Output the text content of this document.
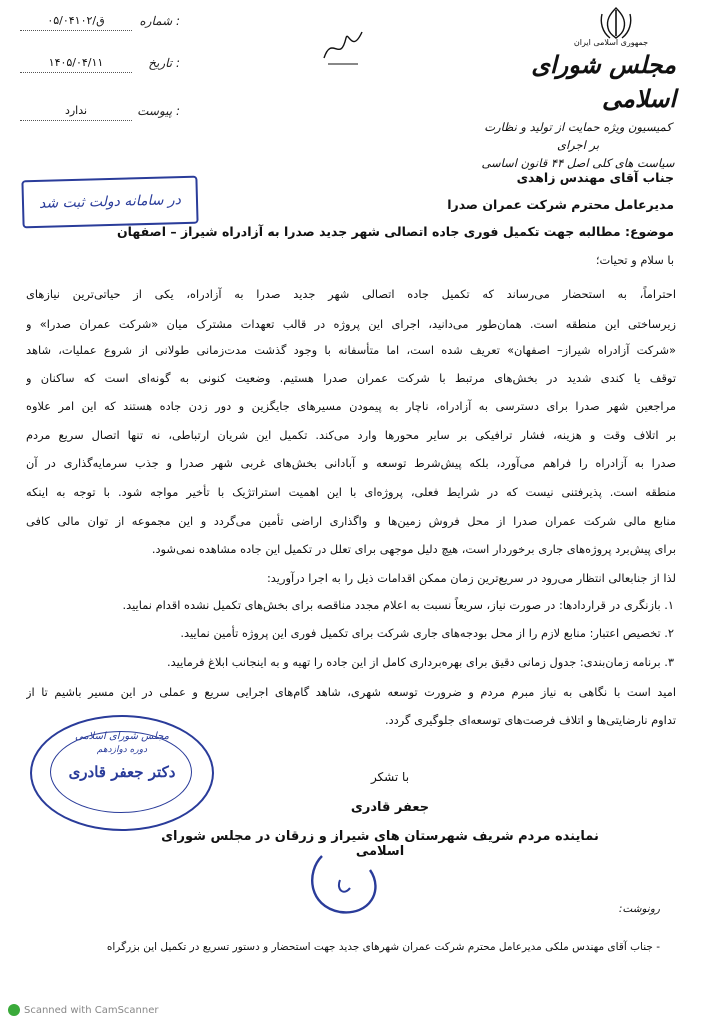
۰۵/ق/۰۴۱۰۲	شماره :
۱۴۰۵/۰۴/۱۱	تاریخ :
ندارد	پیوست :
جمهوری اسلامی ایران
مجلس شورای اسلامی
کمیسیون ویژه حمایت از تولید و نظارت بر اجرای
سیاست های کلی اصل ۴۴ قانون اساسی
در سامانه دولت ثبت شد
جناب آقای مهندس زاهدی
مدیرعامل محترم شرکت عمران صدرا
موضوع: مطالبه جهت تکمیل فوری جاده اتصالی شهر جدید صدرا به آزادراه شیراز – اصفهان
با سلام و تحیات؛
احتراماً، به استحضار می‌رساند که تکمیل جاده اتصالی شهر جدید صدرا به آزادراه، یکی از حیاتی‌ترین نیازهای
زیرساختی این منطقه است. همان‌طور می‌دانید، اجرای این پروژه در قالب تعهدات مشترک میان «شرکت عمران صدرا» و
«شرکت آزادراه شیراز– اصفهان» تعریف شده است، اما متأسفانه با وجود گذشت مدت‌زمانی طولانی از شروع عملیات، شاهد
توقف یا کندی شدید در بخش‌های مرتبط با شرکت عمران صدرا هستیم. وضعیت کنونی به گونه‌ای است که ساکنان و
مراجعین شهر صدرا برای دسترسی به آزادراه، ناچار به پیمودن مسیرهای جایگزین و دور زدن جاده هستند که این امر علاوه
بر اتلاف وقت و هزینه، فشار ترافیکی بر سایر محورها وارد می‌کند. تکمیل این شریان ارتباطی، نه تنها اتصال سریع مردم
صدرا به آزادراه را فراهم می‌آورد، بلکه پیش‌شرط توسعه و آبادانی بخش‌های غربی شهر صدرا و جذب سرمایه‌گذاری در آن
منطقه است. پذیرفتنی نیست که در شرایط فعلی، پروژه‌ای با این اهمیت استراتژیک با تأخیر مواجه شود. با توجه به اینکه
منابع مالی شرکت عمران صدرا از محل فروش زمین‌ها و واگذاری اراضی تأمین می‌گردد و این مجموعه از توان مالی کافی
برای پیش‌برد پروژه‌های جاری برخوردار است، هیچ دلیل موجهی برای تعلل در تکمیل این جاده مشاهده نمی‌شود.
لذا از جنابعالی انتظار می‌رود در سریع‌ترین زمان ممکن اقدامات ذیل را به اجرا درآورید:
۱. بازنگری در قراردادها: در صورت نیاز، سریعاً نسبت به اعلام مجدد مناقصه برای بخش‌های تکمیل نشده اقدام نمایید.
۲. تخصیص اعتبار: منابع لازم را از محل بودجه‌های جاری شرکت برای تکمیل فوری این پروژه تأمین نمایید.
۳. برنامه زمان‌بندی: جدول زمانی دقیق برای بهره‌برداری کامل از این جاده را تهیه و به اینجانب ابلاغ فرمایید.
امید است با نگاهی به نیاز مبرم مردم و ضرورت توسعه شهری، شاهد گام‌های اجرایی سریع و عملی در این مسیر باشیم تا از
تداوم نارضایتی‌ها و اتلاف فرصت‌های توسعه‌ای جلوگیری گردد.
مجلس شورای اسلامی
دوره دوازدهم
دکتر جعفر قادری	با تشکر
جعفر قادری
نماینده مردم شریف شهرستان های شیراز و زرقان در مجلس شورای اسلامی
رونوشت:
- جناب آقای مهندس ملکی مدیرعامل محترم شرکت عمران شهرهای جدید جهت استحضار و دستور تسریع در تکمیل این بزرگراه
Scanned with CamScanner
